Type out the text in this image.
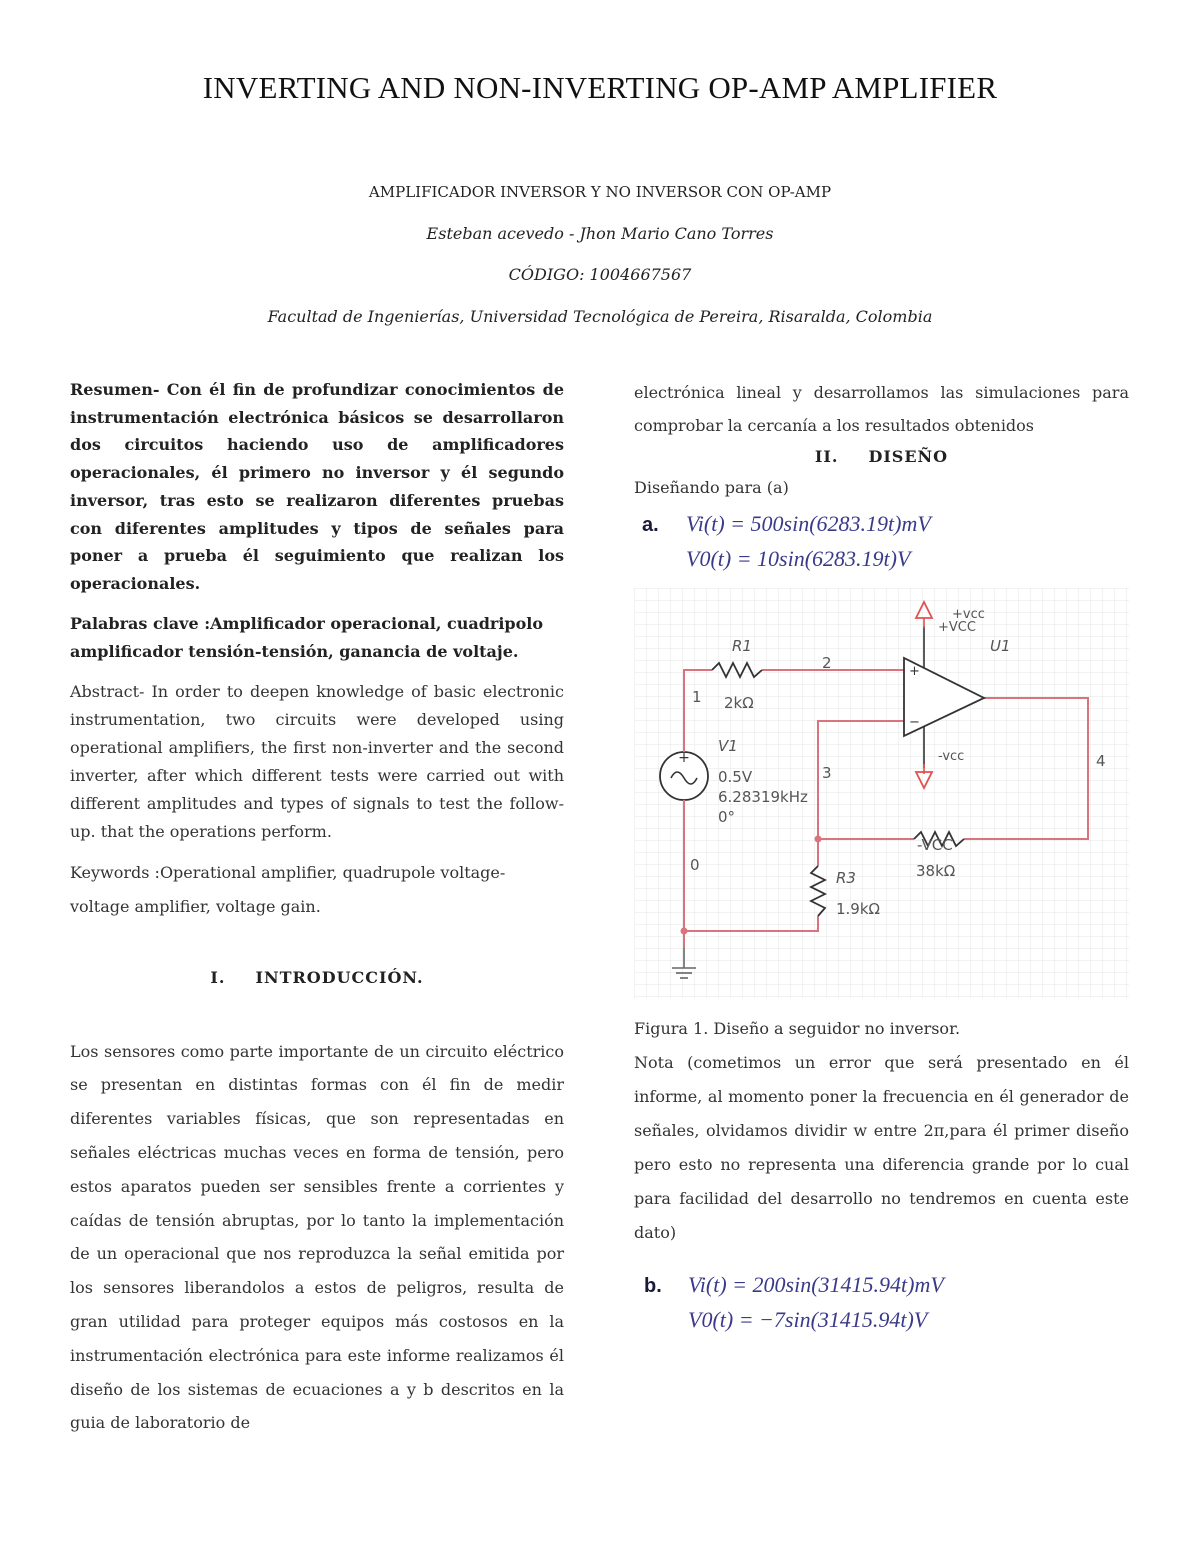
INVERTING AND NON-INVERTING OP-AMP AMPLIFIER
AMPLIFICADOR INVERSOR Y NO INVERSOR CON OP-AMP
Esteban acevedo - Jhon Mario Cano Torres
CÓDIGO: 1004667567
Facultad de Ingenierías, Universidad Tecnológica de Pereira, Risaralda, Colombia

Resumen- Con él fin de profundizar conocimientos de instrumentación electrónica básicos se desarrollaron dos circuitos haciendo uso de amplificadores operacionales, él primero no inversor y él segundo inversor, tras esto se realizaron diferentes pruebas con diferentes amplitudes y tipos de señales para poner a prueba él seguimiento que realizan los operacionales.

Palabras clave :Amplificador operacional, cuadripolo amplificador tensión-tensión, ganancia de voltaje.

Abstract- In order to deepen knowledge of basic electronic instrumentation, two circuits were developed using operational amplifiers, the first non-inverter and the second inverter, after which different tests were carried out with different amplitudes and types of signals to test the follow-up. that the operations perform.

Keywords :Operational amplifier, quadrupole voltage-voltage amplifier, voltage gain.

I. INTRODUCCIÓN.

Los sensores como parte importante de un circuito eléctrico se presentan en distintas formas con él fin de medir diferentes variables físicas, que son representadas en señales eléctricas muchas veces en forma de tensión, pero estos aparatos pueden ser sensibles frente a corrientes y caídas de tensión abruptas, por lo tanto la implementación de un operacional que nos reproduzca la señal emitida por los sensores liberandolos a estos de peligros, resulta de gran utilidad para proteger equipos más costosos en la instrumentación electrónica para este informe realizamos él diseño de los sistemas de ecuaciones a y b descritos en la guia de laboratorio de

electrónica lineal y desarrollamos las simulaciones para comprobar la cercanía a los resultados obtenidos

II. DISEÑO

Diseñando para (a)

a. Vi(t) = 500sin(6283.19t)mV
V0(t) = 10sin(6283.19t)V
+
R1
2kΩ
-VCC
38kΩ
R3
1.9kΩ
V1
0.5V
6.28319kHz
0°
U1
+vcc
+VCC
-vcc
0
1
2
3
4
+
−

Figura 1. Diseño a seguidor no inversor.

Nota (cometimos un error que será presentado en él informe, al momento poner la frecuencia en él generador de señales, olvidamos dividir w entre 2π,para él primer diseño pero esto no representa una diferencia grande por lo cual para facilidad del desarrollo no tendremos en cuenta este dato)

b. Vi(t) = 200sin(31415.94t)mV
V0(t) = −7sin(31415.94t)V
